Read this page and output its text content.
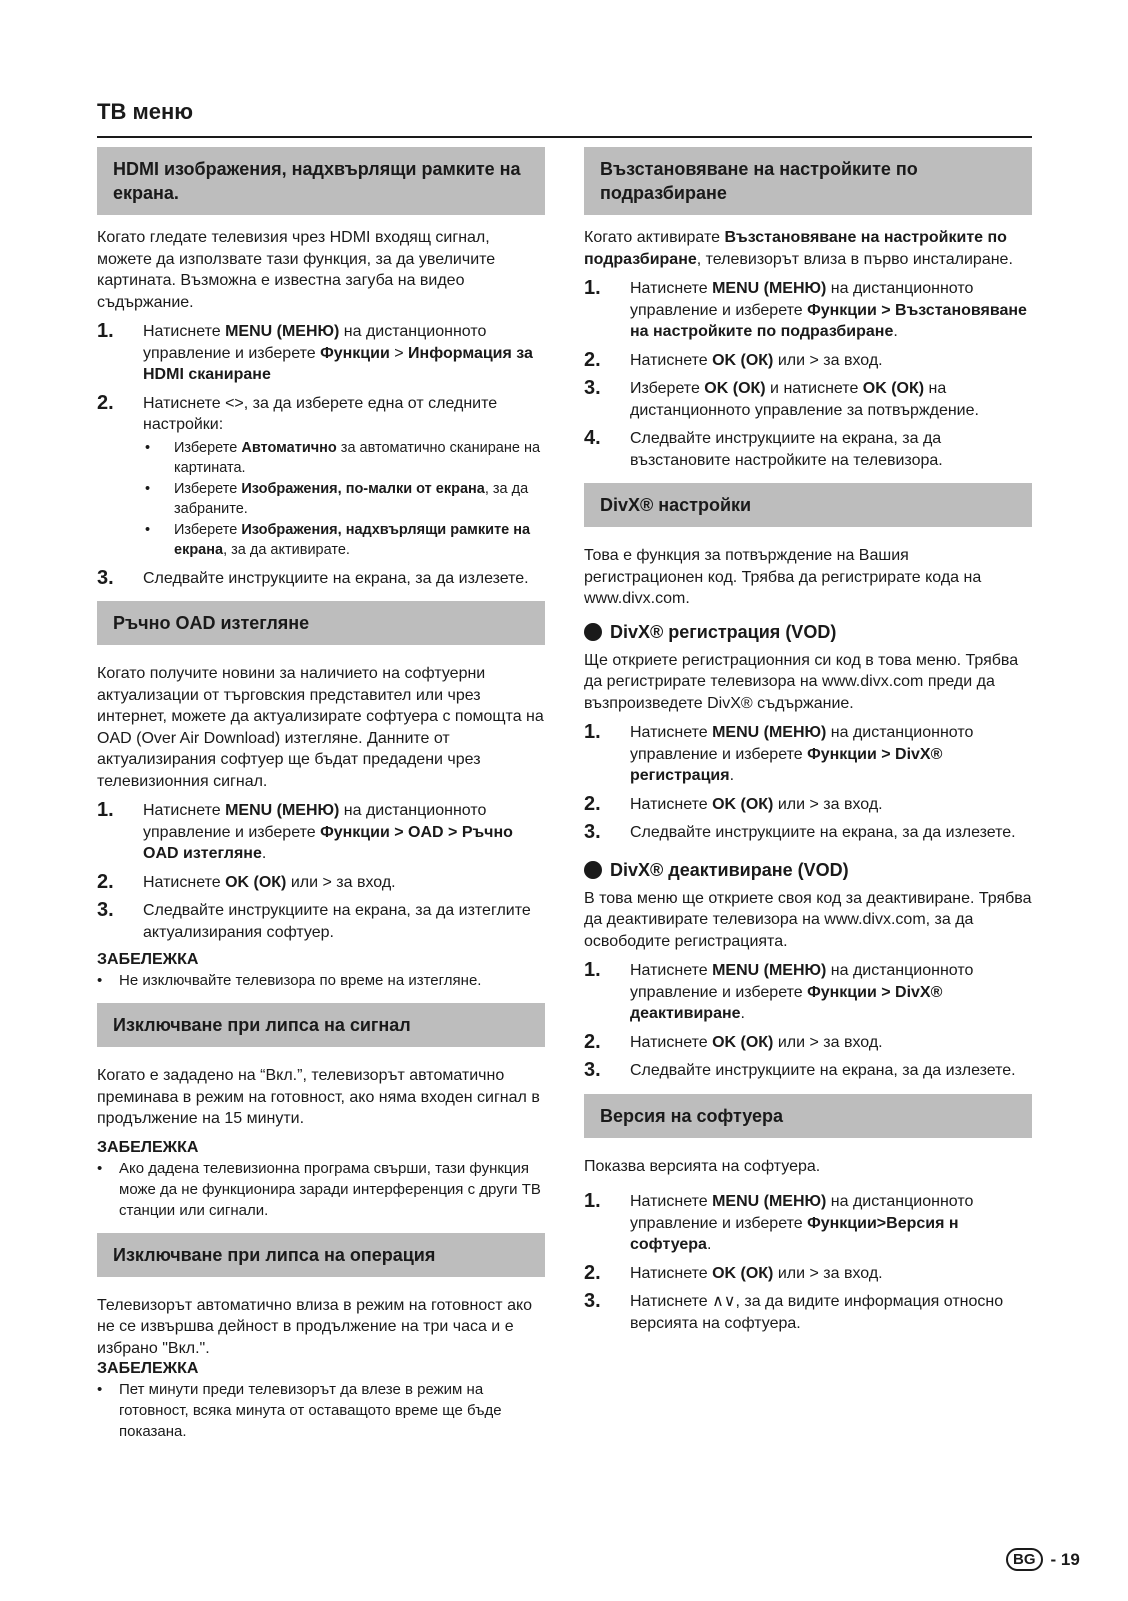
ТВ меню
HDMI изображения, надхвърлящи рамките на екрана.

Когато гледате телевизия чрез HDMI входящ сигнал, можете да използвате тази функция, за да увеличите картината. Възможна е известна загуба на видео съдържание.

1.	Натиснете MENU (МЕНЮ) на дистанционното управление и изберете Функции > Информация за HDMI сканиране
2.	Натиснете <>, за да изберете една от следните настройки:
• Изберете Автоматично за автоматично сканиране на картината.
• Изберете Изображения, по-малки от екрана, за да забраните.
• Изберете Изображения, надхвърлящи рамките на екрана, за да активирате.
3.	Следвайте инструкциите на екрана, за да излезете.
Ръчно OAD изтегляне

Когато получите новини за наличието на софтуерни актуализации от търговския представител или чрез интернет, можете да актуализирате софтуера с помощта на OAD (Over Air Download) изтегляне. Данните от актуализирания софтуер ще бъдат предадени чрез телевизионния сигнал.

1.	Натиснете MENU (МЕНЮ) на дистанционното управление и изберете Функции > OAD > Ръчно OAD изтегляне.
2.	Натиснете OK (ОК) или > за вход.
3.	Следвайте инструкциите на екрана, за да изтеглите актуализирания софтуер.

ЗАБЕЛЕЖКА

• Не изключвайте телевизора по време на изтегляне.

Изключване при липса на сигнал

Когато е зададено на “Вкл.”, телевизорът автоматично преминава в режим на готовност, ако няма входен сигнал в продължение на 15 минути.

ЗАБЕЛЕЖКА

• Ако дадена телевизионна програма свърши, тази функция може да не функционира заради интерференция с други ТВ станции или сигнали.

Изключване при липса на операция

Телевизорът автоматично влиза в режим на готовност ако не се извършва дейност в продължение на три часа и е избрано "Вкл.".

ЗАБЕЛЕЖКА

• Пет минути преди телевизорът да влезе в режим на готовност, всяка минута от оставащото време ще бъде показана.

Възстановяване на настройките по подразбиране

Когато активирате Възстановяване на настройките по подразбиране, телевизорът влиза в първо инсталиране.

1.	Натиснете MENU (МЕНЮ) на дистанционното управление и изберете Функции > Възстановяване на настройките по подразбиране.
2.	Натиснете OK (ОК) или > за вход.
3.	Изберете OK (ОК) и натиснете OK (ОК) на дистанционното управление за потвърждение.
4.	Следвайте инструкциите на екрана, за да възстановите настройките на телевизора.
DivX® настройки

Това е функция за потвърждение на Вашия регистрационен код. Трябва да регистрирате кода на www.divx.com.

DivX® регистрация (VOD)

Ще откриете регистрационния си код в това меню. Трябва да регистрирате телевизора на www.divx.com преди да възпроизведете DivX® съдържание.

1.	Натиснете MENU (МЕНЮ) на дистанционното управление и изберете Функции > DivX® регистрация.
2.	Натиснете OK (ОК) или > за вход.
3.	Следвайте инструкциите на екрана, за да излезете.
DivX® деактивиране (VOD)

В това меню ще откриете своя код за деактивиране. Трябва да деактивирате телевизора на www.divx.com, за да освободите регистрацията.

1.	Натиснете MENU (МЕНЮ) на дистанционното управление и изберете Функции > DivX® деактивиране.
2.	Натиснете OK (ОК) или > за вход.
3.	Следвайте инструкциите на екрана, за да излезете.
Версия на софтуера

Показва версията на софтуера.

1.	Натиснете MENU (МЕНЮ) на дистанционното управление и изберете Функции>Версия н софтуера.
2.	Натиснете OK (ОК) или > за вход.
3.	Натиснете ∧∨, за да видите информация относно версията на софтуера.
BG - 19
